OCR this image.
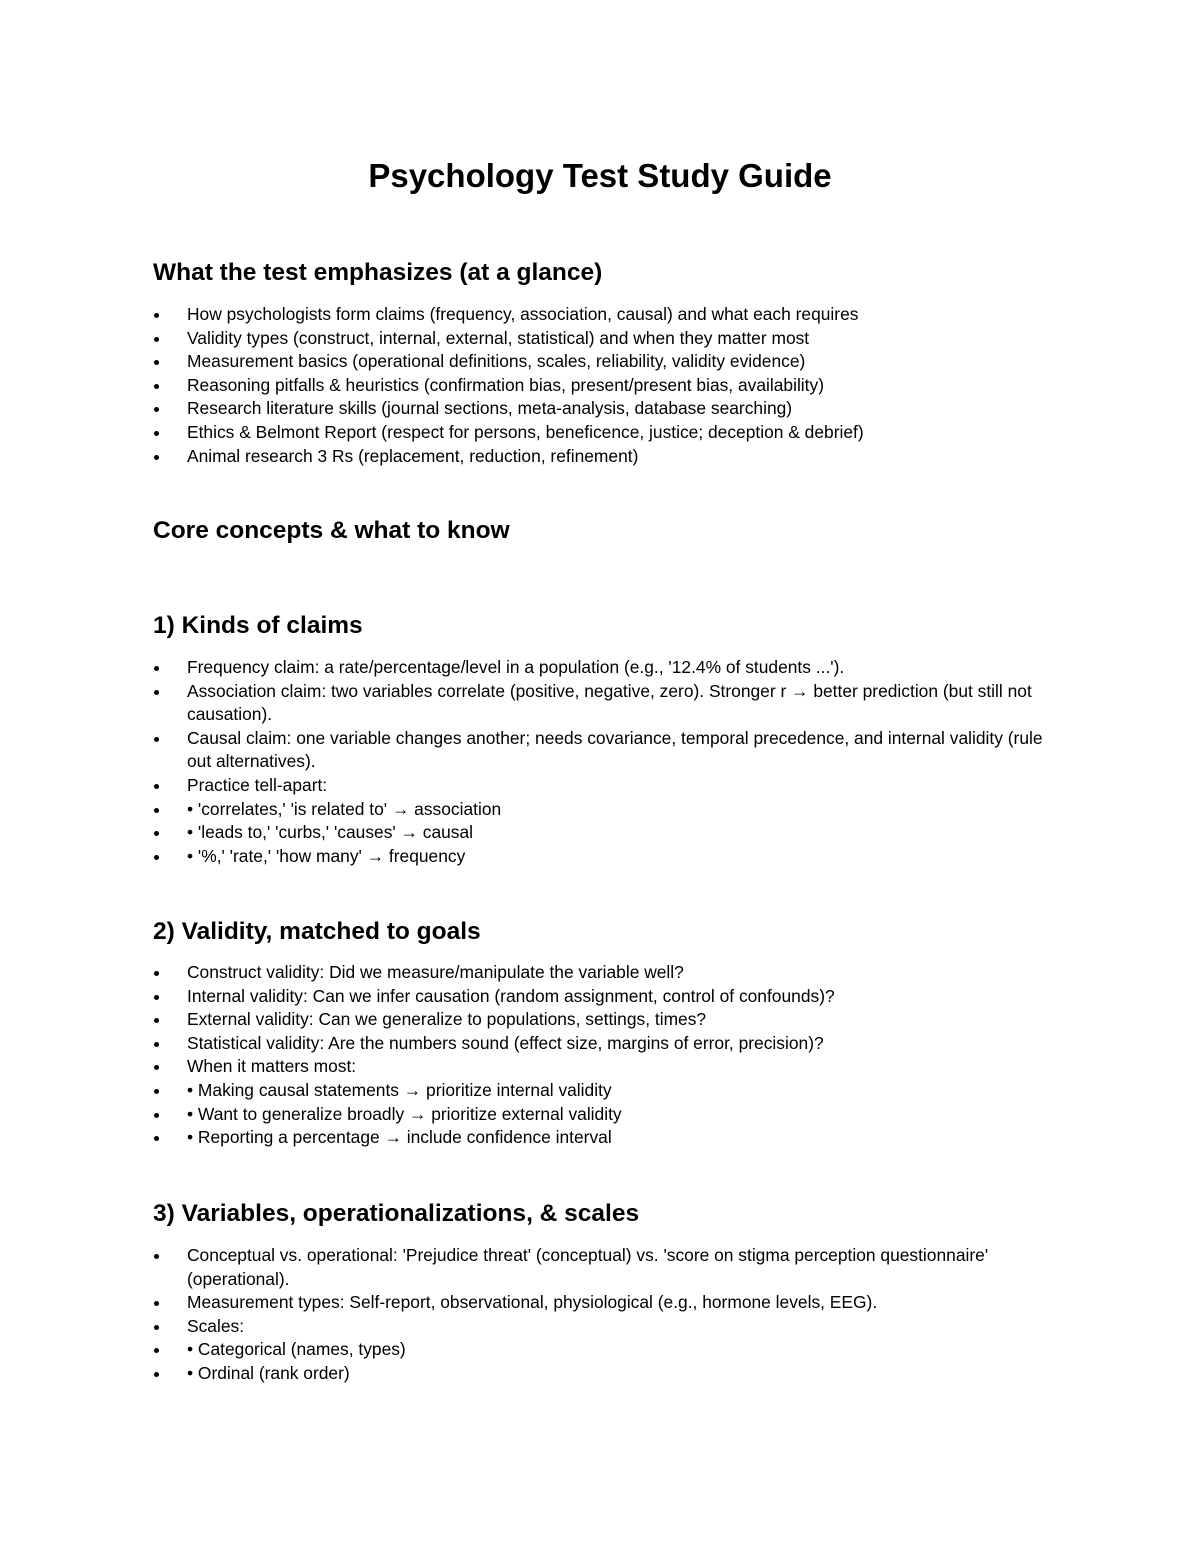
Psychology Test Study Guide
What the test emphasizes (at a glance)
How psychologists form claims (frequency, association, causal) and what each requires
Validity types (construct, internal, external, statistical) and when they matter most
Measurement basics (operational definitions, scales, reliability, validity evidence)
Reasoning pitfalls & heuristics (confirmation bias, present/present bias, availability)
Research literature skills (journal sections, meta-analysis, database searching)
Ethics & Belmont Report (respect for persons, beneficence, justice; deception & debrief)
Animal research 3 Rs (replacement, reduction, refinement)
Core concepts & what to know
1) Kinds of claims
Frequency claim: a rate/percentage/level in a population (e.g., '12.4% of students ...').
Association claim: two variables correlate (positive, negative, zero). Stronger r → better prediction (but still not causation).
Causal claim: one variable changes another; needs covariance, temporal precedence, and internal validity (rule out alternatives).
Practice tell-apart:
• 'correlates,' 'is related to' → association
• 'leads to,' 'curbs,' 'causes' → causal
• '%,' 'rate,' 'how many' → frequency
2) Validity, matched to goals
Construct validity: Did we measure/manipulate the variable well?
Internal validity: Can we infer causation (random assignment, control of confounds)?
External validity: Can we generalize to populations, settings, times?
Statistical validity: Are the numbers sound (effect size, margins of error, precision)?
When it matters most:
• Making causal statements → prioritize internal validity
• Want to generalize broadly → prioritize external validity
• Reporting a percentage → include confidence interval
3) Variables, operationalizations, & scales
Conceptual vs. operational: 'Prejudice threat' (conceptual) vs. 'score on stigma perception questionnaire' (operational).
Measurement types: Self-report, observational, physiological (e.g., hormone levels, EEG).
Scales:
• Categorical (names, types)
• Ordinal (rank order)
